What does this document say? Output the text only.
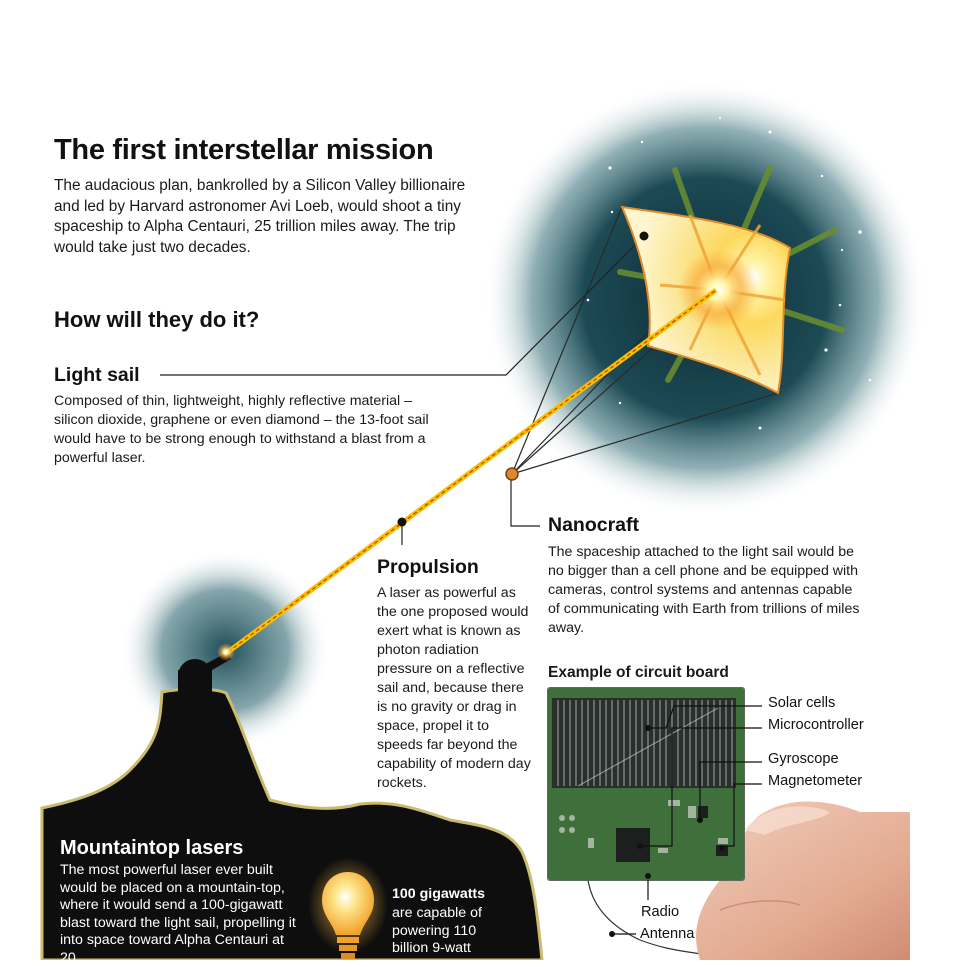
The first interstellar mission
The audacious plan, bankrolled by a Silicon Valley billionaire and led by Harvard astronomer Avi Loeb, would shoot a tiny spaceship to Alpha Centauri, 25 trillion miles away. The trip would take just two decades.
How will they do it?

Light sail

Composed of thin, lightweight, highly reflective material – silicon dioxide, graphene or even diamond – the 13-foot sail would have to be strong enough to withstand a blast from a powerful laser.

Nanocraft

The spaceship attached to the light sail would be no bigger than a cell phone and be equipped with cameras, control systems and antennas capable of communicating with Earth from trillions of miles away.

Propulsion

A laser as powerful as the one proposed would exert what is known as photon radiation pressure on a reflective sail and, because there is no gravity or drag in space, propel it to speeds far beyond the capability of modern day rockets.
Example of circuit board
Solar cells
Microcontroller
Gyroscope
Magnetometer
Radio
Antenna
Mountaintop lasers
The most powerful laser ever built would be placed on a mountain-top, where it would send a 100-gigawatt blast toward the light sail, propelling it into space toward Alpha Centauri at 20
100 gigawatts
are capable of powering 110 billion 9-watt
